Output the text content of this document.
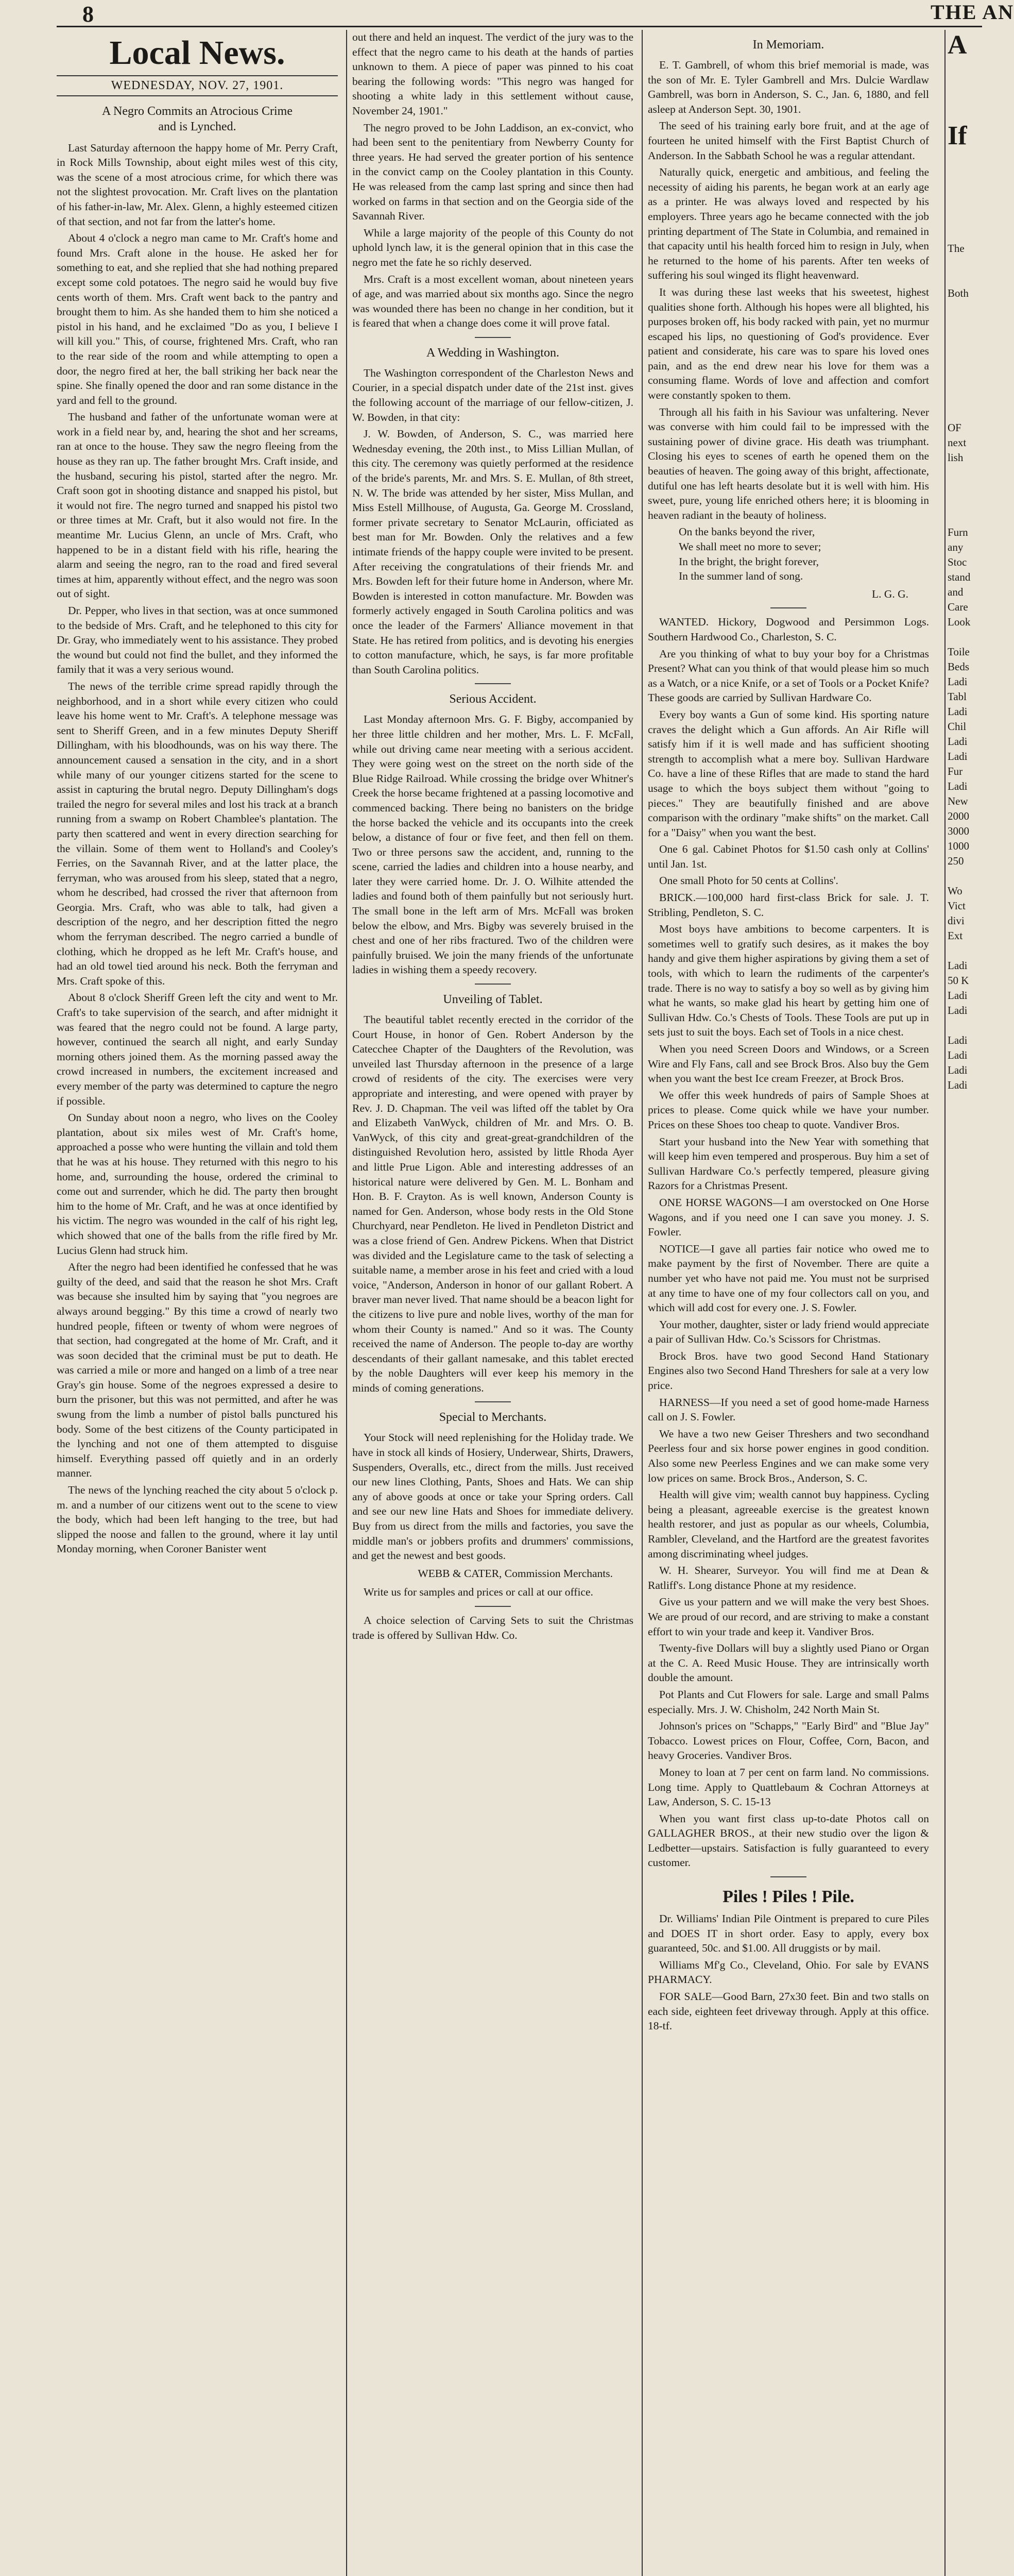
8	THE AN
Local News.
WEDNESDAY, NOV. 27, 1901.
A Negro Commits an Atrocious Crime
and is Lynched.

Last Saturday afternoon the happy home of Mr. Perry Craft, in Rock Mills Township, about eight miles west of this city, was the scene of a most atrocious crime, for which there was not the slightest provocation. Mr. Craft lives on the plantation of his father-in-law, Mr. Alex. Glenn, a highly esteemed citizen of that section, and not far from the latter's home.

About 4 o'clock a negro man came to Mr. Craft's home and found Mrs. Craft alone in the house. He asked her for something to eat, and she replied that she had nothing prepared except some cold potatoes. The negro said he would buy five cents worth of them. Mrs. Craft went back to the pantry and brought them to him. As she handed them to him she noticed a pistol in his hand, and he exclaimed "Do as you, I believe I will kill you." This, of course, frightened Mrs. Craft, who ran to the rear side of the room and while attempting to open a door, the negro fired at her, the ball striking her back near the spine. She finally opened the door and ran some distance in the yard and fell to the ground.

The husband and father of the unfortunate woman were at work in a field near by, and, hearing the shot and her screams, ran at once to the house. They saw the negro fleeing from the house as they ran up. The father brought Mrs. Craft inside, and the husband, securing his pistol, started after the negro. Mr. Craft soon got in shooting distance and snapped his pistol, but it would not fire. The negro turned and snapped his pistol two or three times at Mr. Craft, but it also would not fire. In the meantime Mr. Lucius Glenn, an uncle of Mrs. Craft, who happened to be in a distant field with his rifle, hearing the alarm and seeing the negro, ran to the road and fired several times at him, apparently without effect, and the negro was soon out of sight.

Dr. Pepper, who lives in that section, was at once summoned to the bedside of Mrs. Craft, and he telephoned to this city for Dr. Gray, who immediately went to his assistance. They probed the wound but could not find the bullet, and they informed the family that it was a very serious wound.

The news of the terrible crime spread rapidly through the neighborhood, and in a short while every citizen who could leave his home went to Mr. Craft's. A telephone message was sent to Sheriff Green, and in a few minutes Deputy Sheriff Dillingham, with his bloodhounds, was on his way there. The announcement caused a sensation in the city, and in a short while many of our younger citizens started for the scene to assist in capturing the brutal negro. Deputy Dillingham's dogs trailed the negro for several miles and lost his track at a branch running from a swamp on Robert Chamblee's plantation. The party then scattered and went in every direction searching for the villain. Some of them went to Holland's and Cooley's Ferries, on the Savannah River, and at the latter place, the ferryman, who was aroused from his sleep, stated that a negro, whom he described, had crossed the river that afternoon from Georgia. Mrs. Craft, who was able to talk, had given a description of the negro, and her description fitted the negro whom the ferryman described. The negro carried a bundle of clothing, which he dropped as he left Mr. Craft's house, and had an old towel tied around his neck. Both the ferryman and Mrs. Craft spoke of this.

About 8 o'clock Sheriff Green left the city and went to Mr. Craft's to take supervision of the search, and after midnight it was feared that the negro could not be found. A large party, however, continued the search all night, and early Sunday morning others joined them. As the morning passed away the crowd increased in numbers, the excitement increased and every member of the party was determined to capture the negro if possible.

On Sunday about noon a negro, who lives on the Cooley plantation, about six miles west of Mr. Craft's home, approached a posse who were hunting the villain and told them that he was at his house. They returned with this negro to his home, and, surrounding the house, ordered the criminal to come out and surrender, which he did. The party then brought him to the home of Mr. Craft, and he was at once identified by his victim. The negro was wounded in the calf of his right leg, which showed that one of the balls from the rifle fired by Mr. Lucius Glenn had struck him.

After the negro had been identified he confessed that he was guilty of the deed, and said that the reason he shot Mrs. Craft was because she insulted him by saying that "you negroes are always around begging." By this time a crowd of nearly two hundred people, fifteen or twenty of whom were negroes of that section, had congregated at the home of Mr. Craft, and it was soon decided that the criminal must be put to death. He was carried a mile or more and hanged on a limb of a tree near Gray's gin house. Some of the negroes expressed a desire to burn the prisoner, but this was not permitted, and after he was swung from the limb a number of pistol balls punctured his body. Some of the best citizens of the County participated in the lynching and not one of them attempted to disguise himself. Everything passed off quietly and in an orderly manner.

The news of the lynching reached the city about 5 o'clock p. m. and a number of our citizens went out to the scene to view the body, which had been left hanging to the tree, but had slipped the noose and fallen to the ground, where it lay until Monday morning, when Coroner Banister went

out there and held an inquest. The verdict of the jury was to the effect that the negro came to his death at the hands of parties unknown to them. A piece of paper was pinned to his coat bearing the following words: "This negro was hanged for shooting a white lady in this settlement without cause, November 24, 1901."

The negro proved to be John Laddison, an ex-convict, who had been sent to the penitentiary from Newberry County for three years. He had served the greater portion of his sentence in the convict camp on the Cooley plantation in this County. He was released from the camp last spring and since then had worked on farms in that section and on the Georgia side of the Savannah River.

While a large majority of the people of this County do not uphold lynch law, it is the general opinion that in this case the negro met the fate he so richly deserved.

Mrs. Craft is a most excellent woman, about nineteen years of age, and was married about six months ago. Since the negro was wounded there has been no change in her condition, but it is feared that when a change does come it will prove fatal.

A Wedding in Washington.

The Washington correspondent of the Charleston News and Courier, in a special dispatch under date of the 21st inst. gives the following account of the marriage of our fellow-citizen, J. W. Bowden, in that city:

J. W. Bowden, of Anderson, S. C., was married here Wednesday evening, the 20th inst., to Miss Lillian Mullan, of this city. The ceremony was quietly performed at the residence of the bride's parents, Mr. and Mrs. S. E. Mullan, of 8th street, N. W. The bride was attended by her sister, Miss Mullan, and Miss Estell Millhouse, of Augusta, Ga. George M. Crossland, former private secretary to Senator McLaurin, officiated as best man for Mr. Bowden. Only the relatives and a few intimate friends of the happy couple were invited to be present. After receiving the congratulations of their friends Mr. and Mrs. Bowden left for their future home in Anderson, where Mr. Bowden is interested in cotton manufacture. Mr. Bowden was formerly actively engaged in South Carolina politics and was once the leader of the Farmers' Alliance movement in that State. He has retired from politics, and is devoting his energies to cotton manufacture, which, he says, is far more profitable than South Carolina politics.

Serious Accident.

Last Monday afternoon Mrs. G. F. Bigby, accompanied by her three little children and her mother, Mrs. L. F. McFall, while out driving came near meeting with a serious accident. They were going west on the street on the north side of the Blue Ridge Railroad. While crossing the bridge over Whitner's Creek the horse became frightened at a passing locomotive and commenced backing. There being no banisters on the bridge the horse backed the vehicle and its occupants into the creek below, a distance of four or five feet, and then fell on them. Two or three persons saw the accident, and, running to the scene, carried the ladies and children into a house nearby, and later they were carried home. Dr. J. O. Wilhite attended the ladies and found both of them painfully but not seriously hurt. The small bone in the left arm of Mrs. McFall was broken below the elbow, and Mrs. Bigby was severely bruised in the chest and one of her ribs fractured. Two of the children were painfully bruised. We join the many friends of the unfortunate ladies in wishing them a speedy recovery.

Unveiling of Tablet.

The beautiful tablet recently erected in the corridor of the Court House, in honor of Gen. Robert Anderson by the Catecchee Chapter of the Daughters of the Revolution, was unveiled last Thursday afternoon in the presence of a large crowd of residents of the city. The exercises were very appropriate and interesting, and were opened with prayer by Rev. J. D. Chapman. The veil was lifted off the tablet by Ora and Elizabeth VanWyck, children of Mr. and Mrs. O. B. VanWyck, of this city and great-great-grandchildren of the distinguished Revolution hero, assisted by little Rhoda Ayer and little Prue Ligon. Able and interesting addresses of an historical nature were delivered by Gen. M. L. Bonham and Hon. B. F. Crayton. As is well known, Anderson County is named for Gen. Anderson, whose body rests in the Old Stone Churchyard, near Pendleton. He lived in Pendleton District and was a close friend of Gen. Andrew Pickens. When that District was divided and the Legislature came to the task of selecting a suitable name, a member arose in his feet and cried with a loud voice, "Anderson, Anderson in honor of our gallant Robert. A braver man never lived. That name should be a beacon light for the citizens to live pure and noble lives, worthy of the man for whom their County is named." And so it was. The County received the name of Anderson. The people to-day are worthy descendants of their gallant namesake, and this tablet erected by the noble Daughters will ever keep his memory in the minds of coming generations.

Special to Merchants.

Your Stock will need replenishing for the Holiday trade. We have in stock all kinds of Hosiery, Underwear, Shirts, Drawers, Suspenders, Overalls, etc., direct from the mills. Just received our new lines Clothing, Pants, Shoes and Hats. We can ship any of above goods at once or take your Spring orders. Call and see our new line Hats and Shoes for immediate delivery. Buy from us direct from the mills and factories, you save the middle man's or jobbers profits and drummers' commissions, and get the newest and best goods.

WEBB & CATER, Commission Merchants.

Write us for samples and prices or call at our office.

A choice selection of Carving Sets to suit the Christmas trade is offered by Sullivan Hdw. Co.

In Memoriam.

E. T. Gambrell, of whom this brief memorial is made, was the son of Mr. E. Tyler Gambrell and Mrs. Dulcie Wardlaw Gambrell, was born in Anderson, S. C., Jan. 6, 1880, and fell asleep at Anderson Sept. 30, 1901.

The seed of his training early bore fruit, and at the age of fourteen he united himself with the First Baptist Church of Anderson. In the Sabbath School he was a regular attendant.

Naturally quick, energetic and ambitious, and feeling the necessity of aiding his parents, he began work at an early age as a printer. He was always loved and respected by his employers. Three years ago he became connected with the job printing department of The State in Columbia, and remained in that capacity until his health forced him to resign in July, when he returned to the home of his parents. After ten weeks of suffering his soul winged its flight heavenward.

It was during these last weeks that his sweetest, highest qualities shone forth. Although his hopes were all blighted, his purposes broken off, his body racked with pain, yet no murmur escaped his lips, no questioning of God's providence. Ever patient and considerate, his care was to spare his loved ones pain, and as the end drew near his love for them was a consuming flame. Words of love and affection and comfort were constantly spoken to them.

Through all his faith in his Saviour was unfaltering. Never was converse with him could fail to be impressed with the sustaining power of divine grace. His death was triumphant. Closing his eyes to scenes of earth he opened them on the beauties of heaven. The going away of this bright, affectionate, dutiful one has left hearts desolate but it is well with him. His sweet, pure, young life enriched others here; it is blooming in heaven radiant in the beauty of holiness.

On the banks beyond the river,
We shall meet no more to sever;
In the bright, the bright forever,
In the summer land of song.
L. G. G.

WANTED. Hickory, Dogwood and Persimmon Logs. Southern Hardwood Co., Charleston, S. C.

Are you thinking of what to buy your boy for a Christmas Present? What can you think of that would please him so much as a Watch, or a nice Knife, or a set of Tools or a Pocket Knife? These goods are carried by Sullivan Hardware Co.

Every boy wants a Gun of some kind. His sporting nature craves the delight which a Gun affords. An Air Rifle will satisfy him if it is well made and has sufficient shooting strength to accomplish what a mere boy. Sullivan Hardware Co. have a line of these Rifles that are made to stand the hard usage to which the boys subject them without "going to pieces." They are beautifully finished and are above comparison with the ordinary "make shifts" on the market. Call for a "Daisy" when you want the best.

One 6 gal. Cabinet Photos for $1.50 cash only at Collins' until Jan. 1st.

One small Photo for 50 cents at Collins'.

BRICK.—100,000 hard first-class Brick for sale. J. T. Stribling, Pendleton, S. C.

Most boys have ambitions to become carpenters. It is sometimes well to gratify such desires, as it makes the boy handy and give them higher aspirations by giving them a set of tools, with which to learn the rudiments of the carpenter's trade. There is no way to satisfy a boy so well as by giving him what he wants, so make glad his heart by getting him one of Sullivan Hdw. Co.'s Chests of Tools. These Tools are put up in sets just to suit the boys. Each set of Tools in a nice chest.

When you need Screen Doors and Windows, or a Screen Wire and Fly Fans, call and see Brock Bros. Also buy the Gem when you want the best Ice cream Freezer, at Brock Bros.

We offer this week hundreds of pairs of Sample Shoes at prices to please. Come quick while we have your number. Prices on these Shoes too cheap to quote. Vandiver Bros.

Start your husband into the New Year with something that will keep him even tempered and prosperous. Buy him a set of Sullivan Hardware Co.'s perfectly tempered, pleasure giving Razors for a Christmas Present.

ONE HORSE WAGONS—I am overstocked on One Horse Wagons, and if you need one I can save you money. J. S. Fowler.

NOTICE—I gave all parties fair notice who owed me to make payment by the first of November. There are quite a number yet who have not paid me. You must not be surprised at any time to have one of my four collectors call on you, and which will add cost for every one. J. S. Fowler.

Your mother, daughter, sister or lady friend would appreciate a pair of Sullivan Hdw. Co.'s Scissors for Christmas.

Brock Bros. have two good Second Hand Stationary Engines also two Second Hand Threshers for sale at a very low price.

HARNESS—If you need a set of good home-made Harness call on J. S. Fowler.

We have a two new Geiser Threshers and two secondhand Peerless four and six horse power engines in good condition. Also some new Peerless Engines and we can make some very low prices on same. Brock Bros., Anderson, S. C.

Health will give vim; wealth cannot buy happiness. Cycling being a pleasant, agreeable exercise is the greatest known health restorer, and just as popular as our wheels, Columbia, Rambler, Cleveland, and the Hartford are the greatest favorites among discriminating wheel judges.

W. H. Shearer, Surveyor. You will find me at Dean & Ratliff's. Long distance Phone at my residence.

Give us your pattern and we will make the very best Shoes. We are proud of our record, and are striving to make a constant effort to win your trade and keep it. Vandiver Bros.

Twenty-five Dollars will buy a slightly used Piano or Organ at the C. A. Reed Music House. They are intrinsically worth double the amount.

Pot Plants and Cut Flowers for sale. Large and small Palms especially. Mrs. J. W. Chisholm, 242 North Main St.

Johnson's prices on "Schapps," "Early Bird" and "Blue Jay" Tobacco. Lowest prices on Flour, Coffee, Corn, Bacon, and heavy Groceries. Vandiver Bros.

Money to loan at 7 per cent on farm land. No commissions. Long time. Apply to Quattlebaum & Cochran Attorneys at Law, Anderson, S. C. 15-13

When you want first class up-to-date Photos call on GALLAGHER BROS., at their new studio over the ligon & Ledbetter—upstairs. Satisfaction is fully guaranteed to every customer.

Piles ! Piles ! Pile.

Dr. Williams' Indian Pile Ointment is prepared to cure Piles and DOES IT in short order. Easy to apply, every box guaranteed, 50c. and $1.00. All druggists or by mail.

Williams Mf'g Co., Cleveland, Ohio. For sale by EVANS PHARMACY.

FOR SALE—Good Barn, 27x30 feet. Bin and two stalls on each side, eighteen feet driveway through. Apply at this office. 18-tf.

A

If

The

Both

OF
next
lish

Furn
any
Stoc
stand
and
Care
Look

Toile
Beds
Ladi
Tabl
Ladi
Chil
Ladi
Ladi
Fur
Ladi
New
2000
3000
1000
250

Wo
Vict
divi
Ext

Ladi
50 K
Ladi
Ladi

Ladi
Ladi
Ladi
Ladi
